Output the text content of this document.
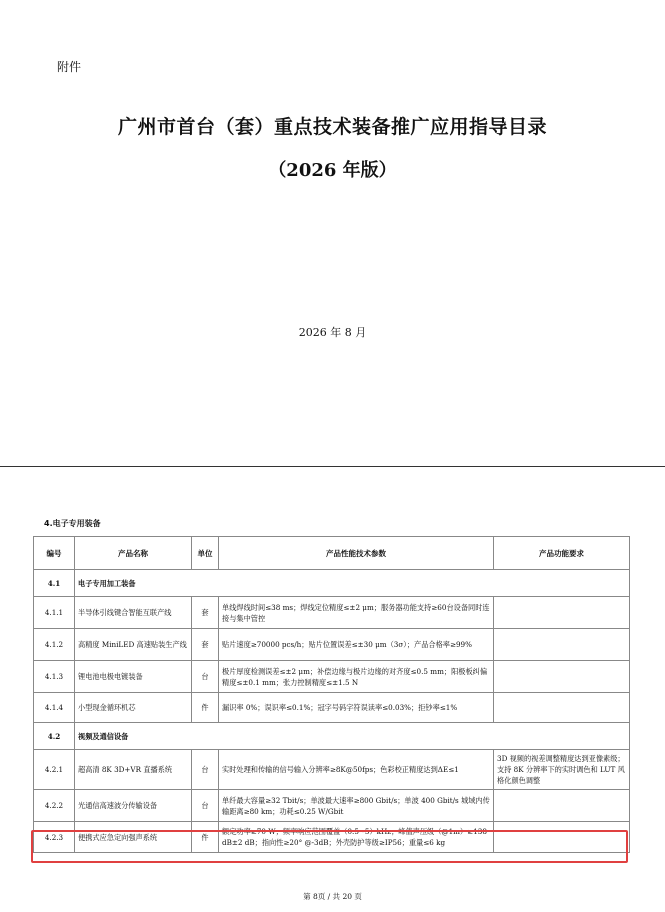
附件
广州市首台（套）重点技术装备推广应用指导目录
（2026 年版）
2026 年 8 月
4.电子专用装备
编号	产品名称	单位	产品性能技术参数	产品功能要求
4.1	电子专用加工装备			
4.1.1	半导体引线键合智能互联产线	套	单线焊线时间≤38 ms；焊线定位精度≤±2 μm；服务器功能支持≥60台设备同时连接与集中管控	
4.1.2	高精度 MiniLED 高速贴装生产线	套	贴片速度≥70000 pcs/h；贴片位置误差≤±30 μm（3σ）；产品合格率≥99%	
4.1.3	锂电池电极电镀装备	台	极片厚度检测误差≤±2 μm；补偿边缘与极片边缘的对齐度≤0.5 mm；阳极板纠偏精度≤±0.1 mm；张力控制精度≤±1.5 N	
4.1.4	小型现金循环机芯	件	漏识率 0%；误识率≤0.1%；冠字号码字符误读率≤0.03%；拒钞率≤1%	
4.2	视频及通信设备			
4.2.1	超高清 8K 3D+VR 直播系统	台	实时处理和传输的信号输入分辨率≥8K@50fps；色彩校正精度达到ΔE≤1	3D 视频的视差调整精度达到亚像素级；支持 8K 分辨率下的实时调色和 LUT 风格化颜色调整
4.2.2	光通信高速波分传输设备	台	单纤最大容量≥32 Tbit/s；单波最大速率≥800 Gbit/s；单波 400 Gbit/s 城域内传输距离≥80 km；功耗≤0.25 W/Gbit	
4.2.3	便携式应急定向强声系统	件	额定功率≥70 W；频率响应范围覆盖（0.5~5）kHz；峰值声压级（@1m）≥138 dB±2 dB；指向性≥20° @-3dB；外壳防护等级≥IP56；重量≤6 kg	
第 8页 / 共 20 页
